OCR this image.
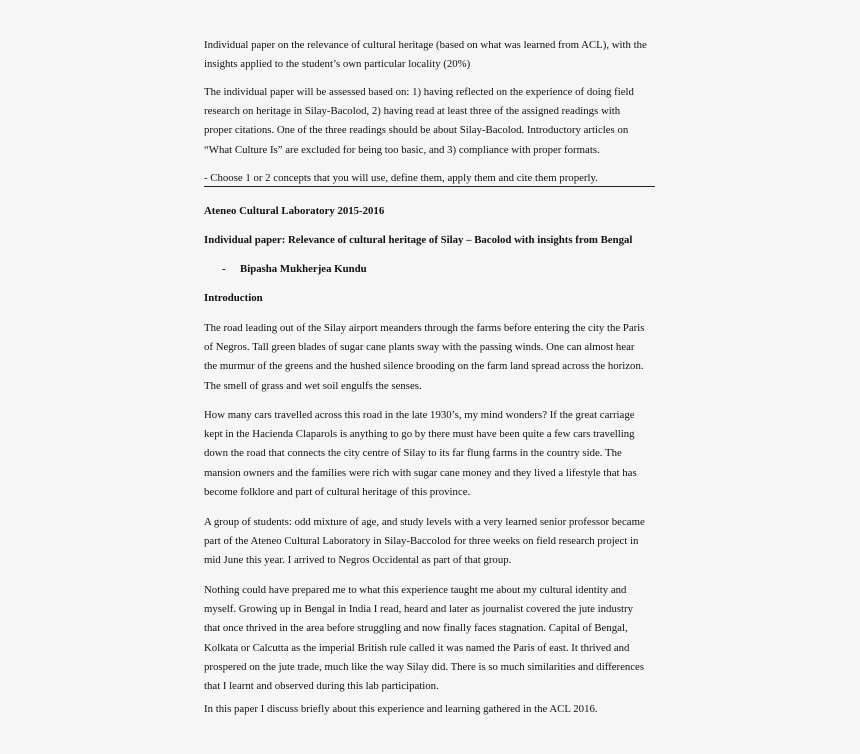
Individual paper on the relevance of cultural heritage (based on what was learned from ACL), with the
insights applied to the student’s own particular locality (20%)
The individual paper will be assessed based on: 1) having reflected on the experience of doing field
research on heritage in Silay-Bacolod, 2) having read at least three of the assigned readings with
proper citations. One of the three readings should be about Silay-Bacolod. Introductory articles on
“What Culture Is” are excluded for being too basic, and 3) compliance with proper formats.
- Choose 1 or 2 concepts that you will use, define them, apply them and cite them properly.
Ateneo Cultural Laboratory 2015-2016
Individual paper: Relevance of cultural heritage of Silay – Bacolod with insights from Bengal
- Bipasha Mukherjea Kundu
Introduction
The road leading out of the Silay airport meanders through the farms before entering the city the Paris
of Negros. Tall green blades of sugar cane plants sway with the passing winds. One can almost hear
the murmur of the greens and the hushed silence brooding on the farm land spread across the horizon.
The smell of grass and wet soil engulfs the senses.
How many cars travelled across this road in the late 1930’s, my mind wonders? If the great carriage
kept in the Hacienda Claparols is anything to go by there must have been quite a few cars travelling
down the road that connects the city centre of Silay to its far flung farms in the country side. The
mansion owners and the families were rich with sugar cane money and they lived a lifestyle that has
become folklore and part of cultural heritage of this province.
A group of students: odd mixture of age, and study levels with a very learned senior professor became
part of the Ateneo Cultural Laboratory in Silay-Baccolod for three weeks on field research project in
mid June this year. I arrived to Negros Occidental as part of that group.
Nothing could have prepared me to what this experience taught me about my cultural identity and
myself. Growing up in Bengal in India I read, heard and later as journalist covered the jute industry
that once thrived in the area before struggling and now finally faces stagnation. Capital of Bengal,
Kolkata or Calcutta as the imperial British rule called it was named the Paris of east. It thrived and
prospered on the jute trade, much like the way Silay did. There is so much similarities and differences
that I learnt and observed during this lab participation.
In this paper I discuss briefly about this experience and learning gathered in the ACL 2016.
